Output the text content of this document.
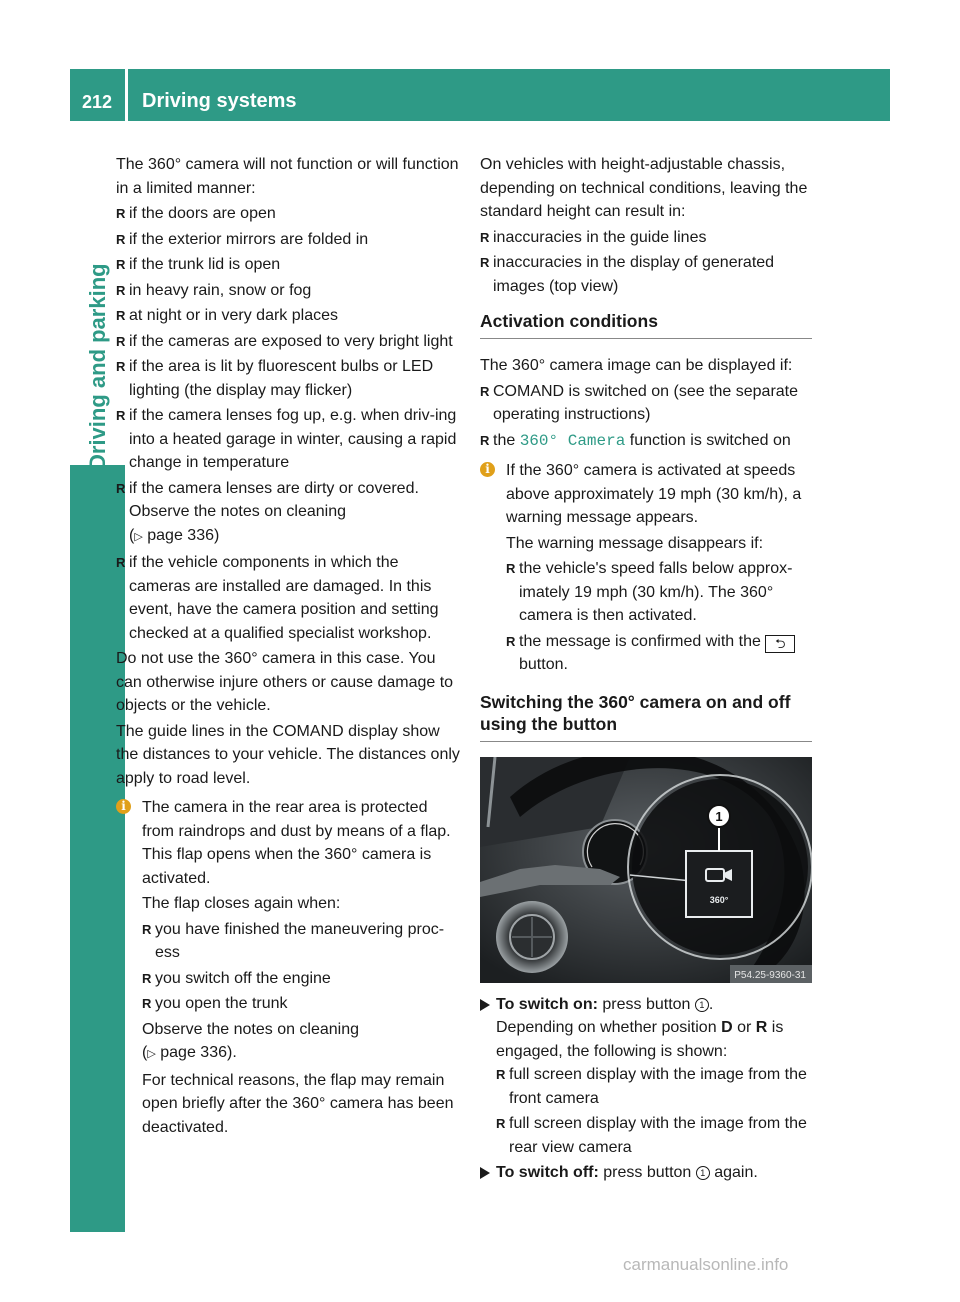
212 Driving systems

The 360° camera will not function or will function in a limited manner:

R if the doors are open
R if the exterior mirrors are folded in
R if the trunk lid is open
R in heavy rain, snow or fog
R at night or in very dark places
R if the cameras are exposed to very bright light
R if the area is lit by fluorescent bulbs or LED lighting (the display may flicker)
R if the camera lenses fog up, e.g. when driv-ing into a heated garage in winter, causing a rapid change in temperature
R if the camera lenses are dirty or covered. Observe the notes on cleaning
(▷ page 336)
R if the vehicle components in which the cameras are installed are damaged. In this event, have the camera position and setting checked at a qualified specialist workshop.

Do not use the 360° camera in this case. You can otherwise injure others or cause damage to objects or the vehicle.

The guide lines in the COMAND display show the distances to your vehicle. The distances only apply to road level.

i	The camera in the rear area is protected from raindrops and dust by means of a flap. This flap opens when the 360° camera is activated.

The flap closes again when:

R you have finished the maneuvering proc-ess
R you switch off the engine
R you open the trunk

Observe the notes on cleaning
(▷ page 336).

For technical reasons, the flap may remain open briefly after the 360° camera has been deactivated.

On vehicles with height-adjustable chassis, depending on technical conditions, leaving the standard height can result in:

R inaccuracies in the guide lines
R inaccuracies in the display of generated images (top view)
Activation conditions

The 360° camera image can be displayed if:

R COMAND is switched on (see the separate operating instructions)
R the 360° Camera function is switched on
i	If the 360° camera is activated at speeds above approximately 19 mph (30 km/h), a warning message appears.

The warning message disappears if:

R the vehicle's speed falls below approx-imately 19 mph (30 km/h). The 360° camera is then activated.
R the message is confirmed with the ⮌
button.
Switching the 360° camera on and off using the button
360°
1
P54.25-9360-31
To switch on: press button 1 .
Depending on whether position D or R is engaged, the following is shown:
R full screen display with the image from the front camera
R full screen display with the image from the rear view camera
To switch off: press button 1 again.
carmanualsonline.info
